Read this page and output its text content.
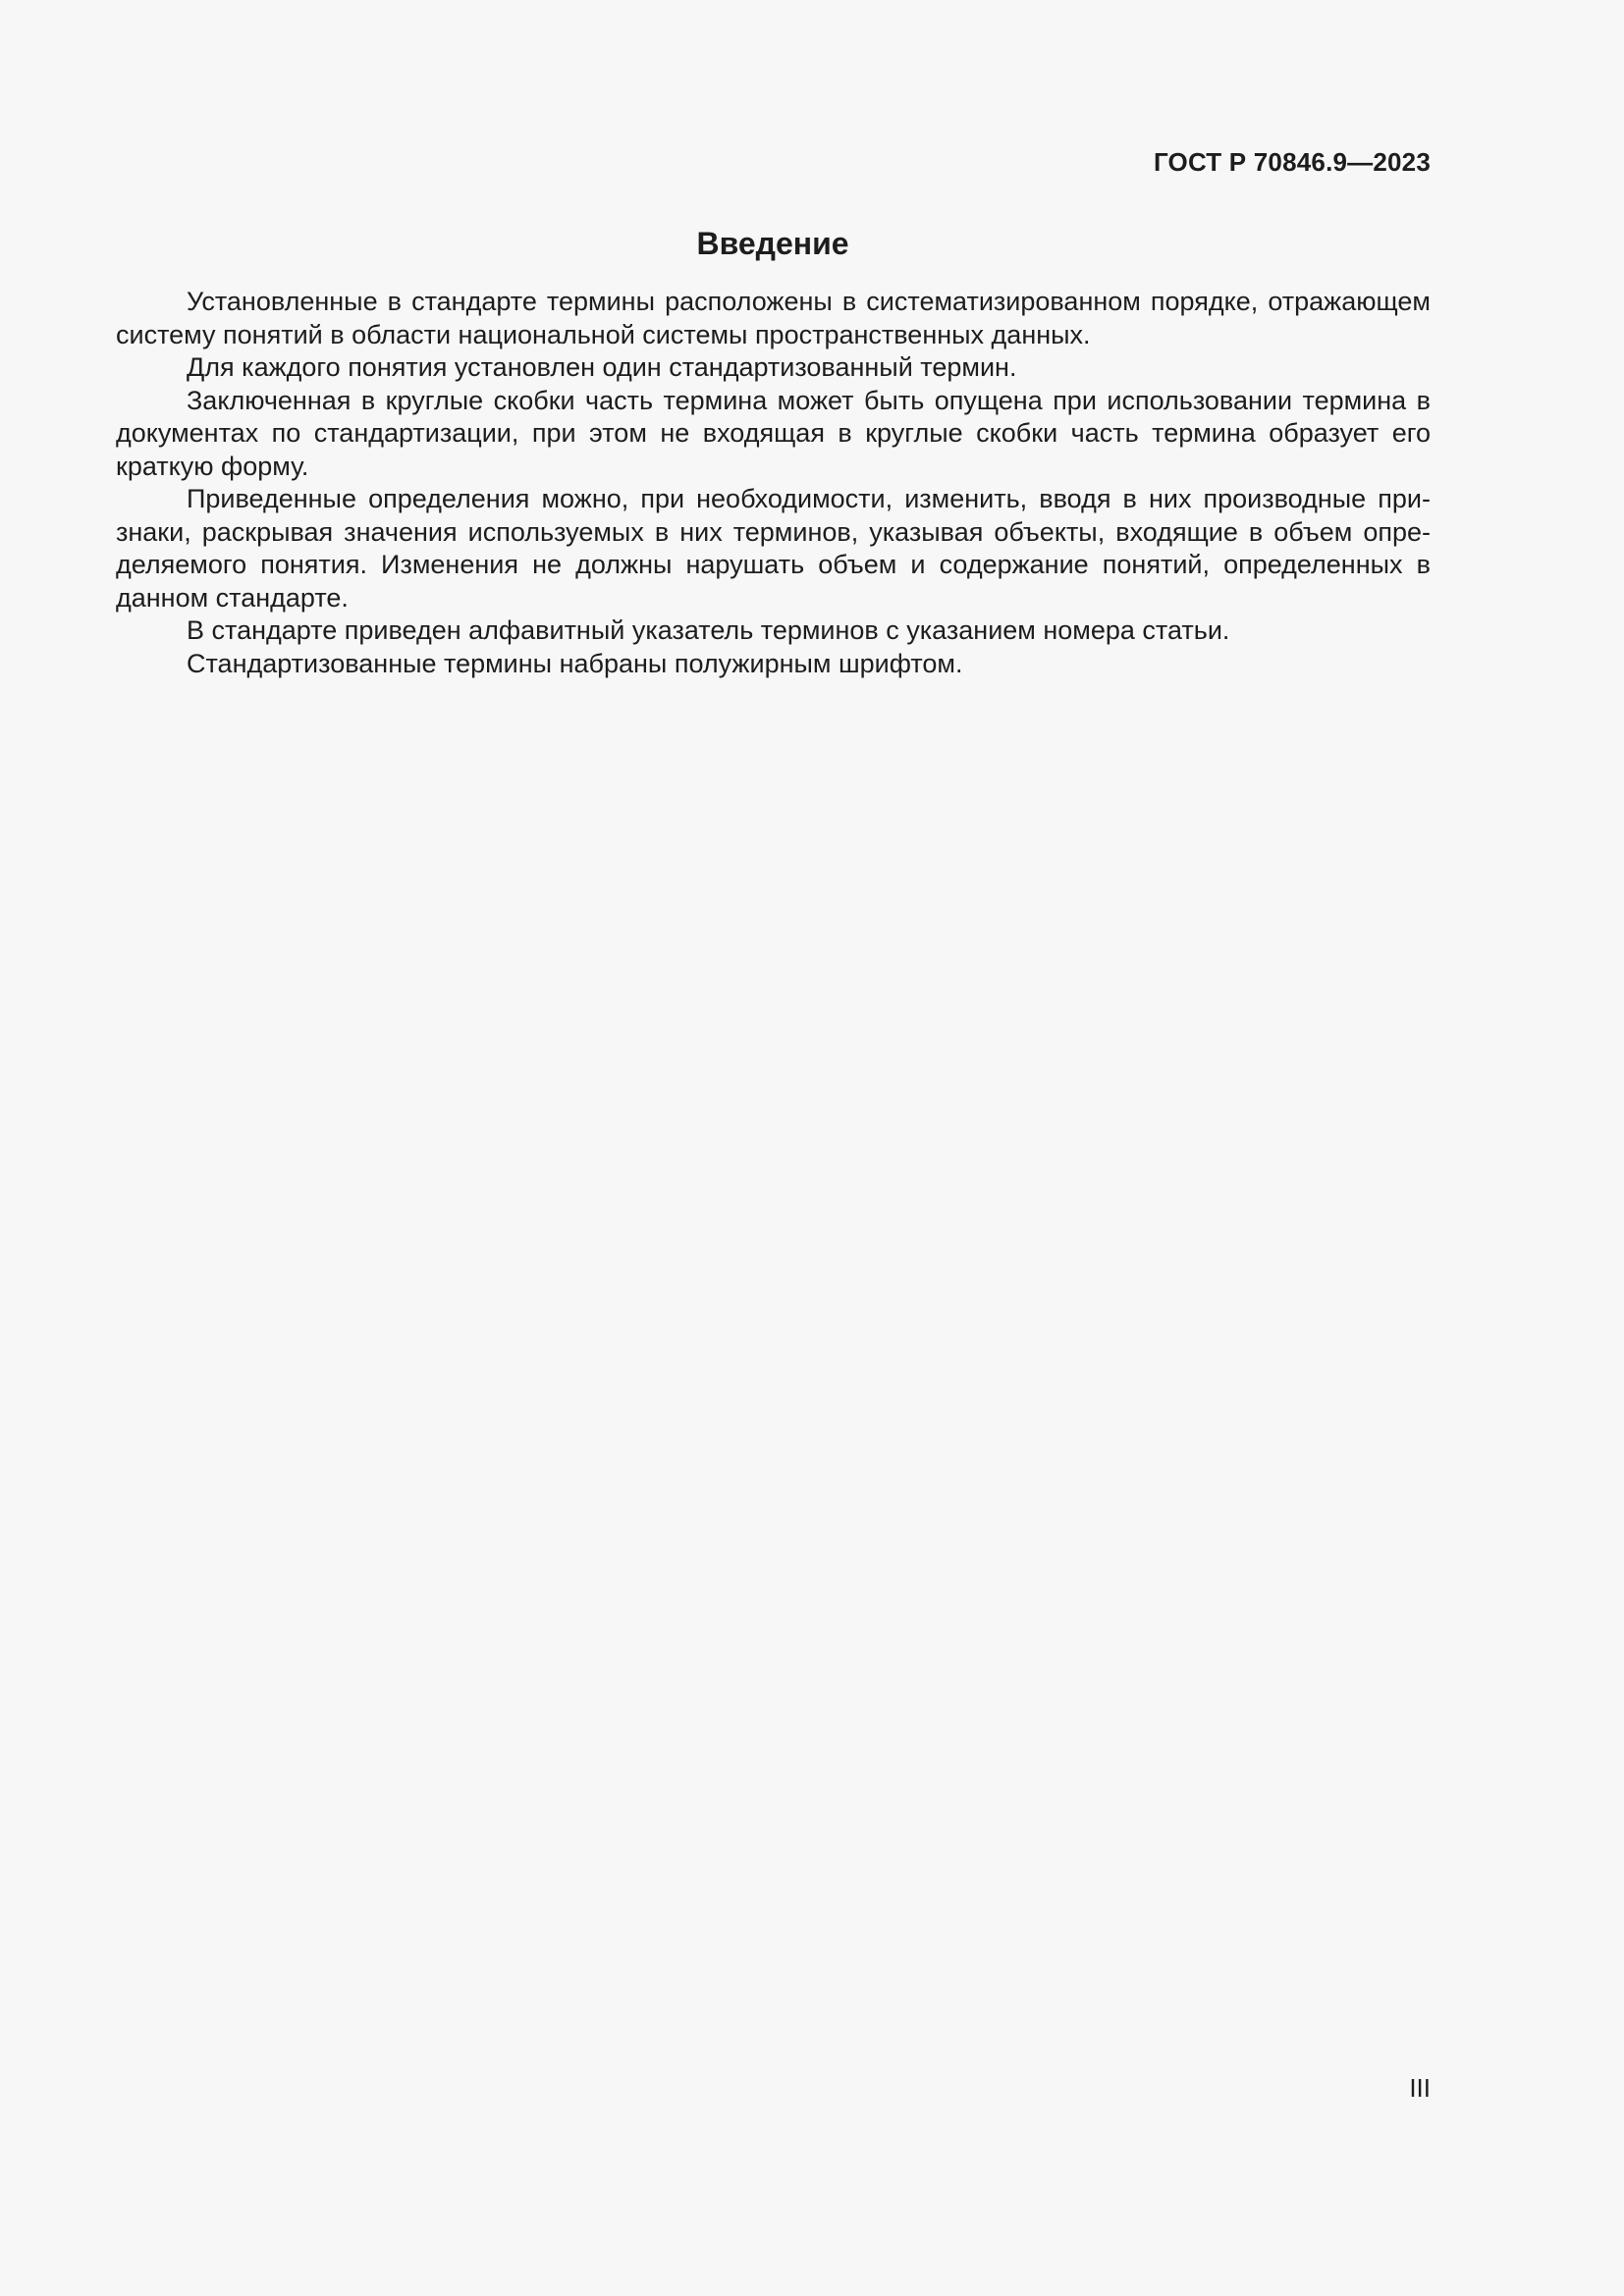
ГОСТ Р 70846.9—2023
Введение

Установленные в стандарте термины расположены в систематизированном порядке, отражающем систему понятий в области национальной системы пространственных данных.

Для каждого понятия установлен один стандартизованный термин.

Заключенная в круглые скобки часть термина может быть опущена при использовании термина в документах по стандартизации, при этом не входящая в круглые скобки часть термина образует его краткую форму.

Приведенные определения можно, при необходимости, изменить, вводя в них производные признаки, раскрывая значения используемых в них терминов, указывая объекты, входящие в объем определяемого понятия. Изменения не должны нарушать объем и содержание понятий, определенных в данном стандарте.

В стандарте приведен алфавитный указатель терминов с указанием номера статьи.

Стандартизованные термины набраны полужирным шрифтом.

III
